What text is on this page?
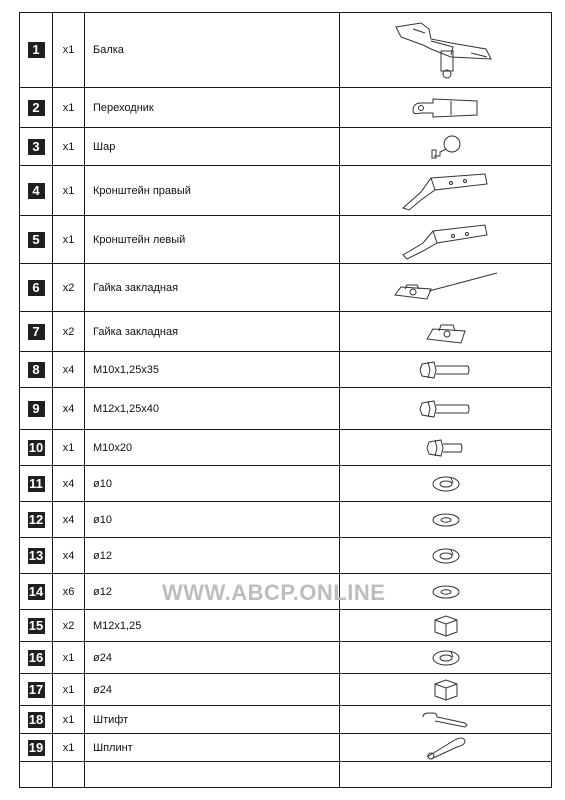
1	x1	Балка	

2	x1	Переходник	

3	x1	Шар	

4	x1	Кронштейн правый	

5	x1	Кронштейн левый	

6	x2	Гайка закладная	

7	x2	Гайка закладная	

8	x4	M10x1,25x35	

9	x4	M12x1,25x40	

10	x1	M10x20	

11	x4	ø10	

12	x4	ø10	

13	x4	ø12	

14	x6	ø12	

15	x2	M12x1,25	

16	x1	ø24	

17	x1	ø24	

18	x1	Штифт	

19	x1	Шплинт	

WWW.ABCP.ONLINE
